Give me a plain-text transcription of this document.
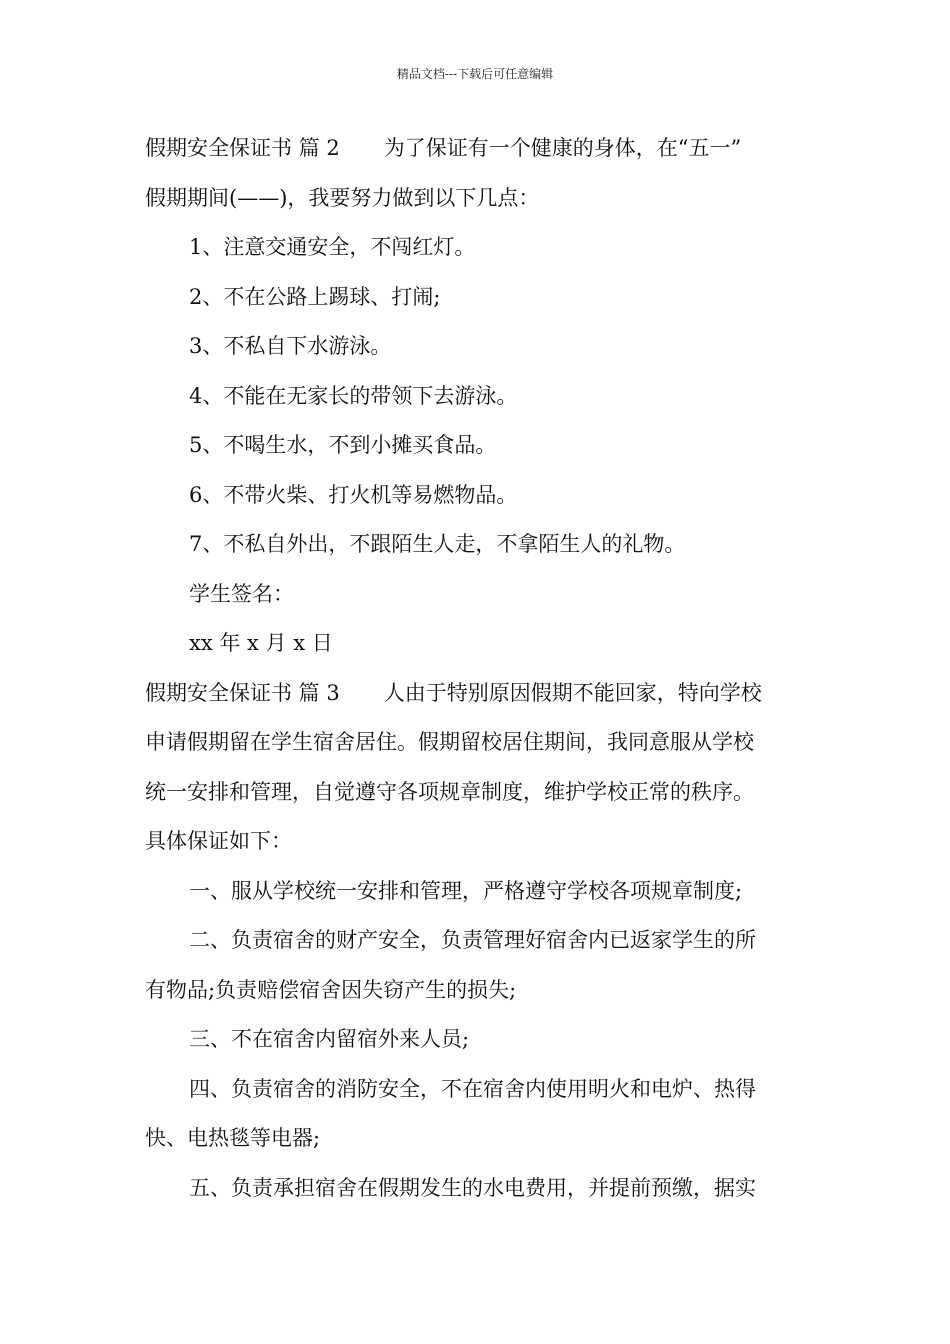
精品文档---下载后可任意编辑
假期安全保证书 篇 2 为了保证有一个健康的身体，在“五一”
假期期间(——)，我要努力做到以下几点：
1、注意交通安全，不闯红灯。
2、不在公路上踢球、打闹;
3、不私自下水游泳。
4、不能在无家长的带领下去游泳。
5、不喝生水，不到小摊买食品。
6、不带火柴、打火机等易燃物品。
7、不私自外出，不跟陌生人走，不拿陌生人的礼物。
学生签名：
xx 年 x 月 x 日
假期安全保证书 篇 3 人由于特别原因假期不能回家，特向学校
申请假期留在学生宿舍居住。假期留校居住期间，我同意服从学校
统一安排和管理，自觉遵守各项规章制度，维护学校正常的秩序。
具体保证如下：
一、服从学校统一安排和管理，严格遵守学校各项规章制度;
二、负责宿舍的财产安全，负责管理好宿舍内已返家学生的所
有物品;负责赔偿宿舍因失窃产生的损失;
三、不在宿舍内留宿外来人员;
四、负责宿舍的消防安全，不在宿舍内使用明火和电炉、热得
快、电热毯等电器;
五、负责承担宿舍在假期发生的水电费用，并提前预缴，据实
